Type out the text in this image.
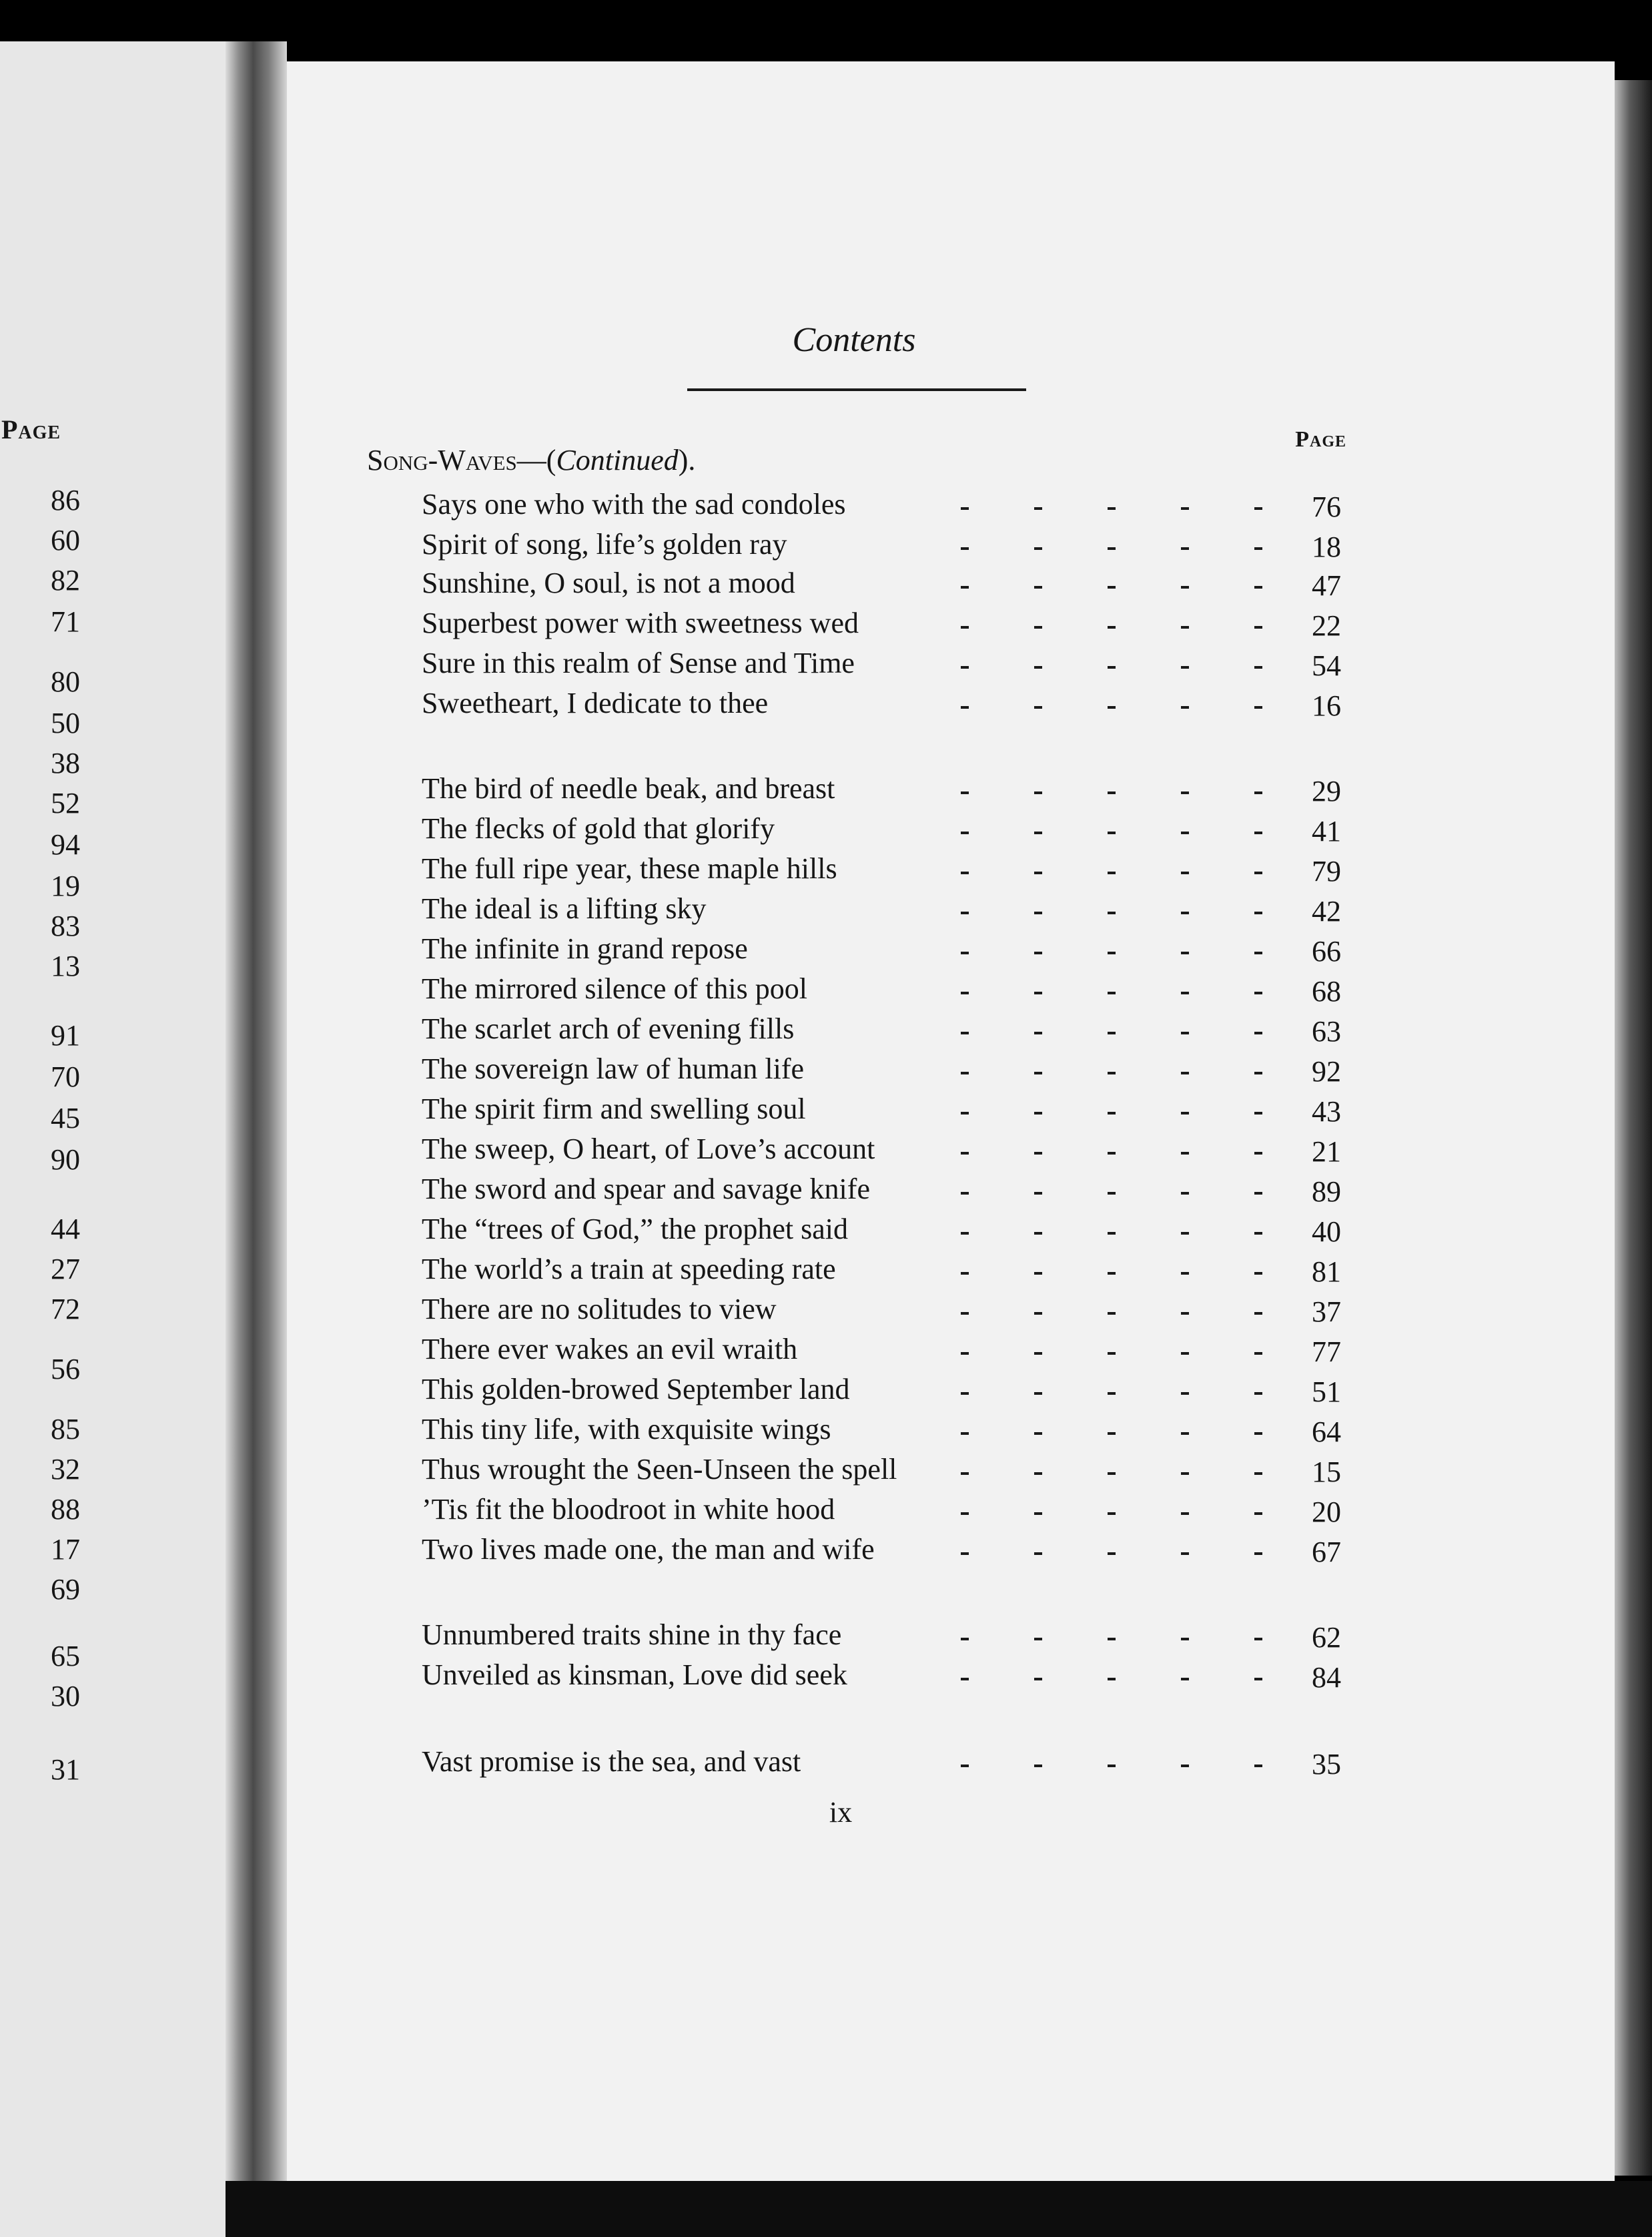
Page
86
60
82
71
80
50
38
52
94
19
83
13
91
70
45
90
44
27
72
56
85
32
88
17
69
65
30
31
Contents
Page
Song-Waves—(Continued).
Says one who with the sad condoles	76
Spirit of song, life’s golden ray	18
Sunshine, O soul, is not a mood	47
Superbest power with sweetness wed	22
Sure in this realm of Sense and Time	54
Sweetheart, I dedicate to thee	16
The bird of needle beak, and breast	29
The flecks of gold that glorify	41
The full ripe year, these maple hills	79
The ideal is a lifting sky	42
The infinite in grand repose	66
The mirrored silence of this pool	68
The scarlet arch of evening fills	63
The sovereign law of human life	92
The spirit firm and swelling soul	43
The sweep, O heart, of Love’s account	21
The sword and spear and savage knife	89
The “trees of God,” the prophet said	40
The world’s a train at speeding rate	81
There are no solitudes to view	37
There ever wakes an evil wraith	77
This golden-browed September land	51
This tiny life, with exquisite wings	64
Thus wrought the Seen-Unseen the spell	15
’Tis fit the bloodroot in white hood	20
Two lives made one, the man and wife	67
Unnumbered traits shine in thy face	62
Unveiled as kinsman, Love did seek	84
Vast promise is the sea, and vast	35
ix
